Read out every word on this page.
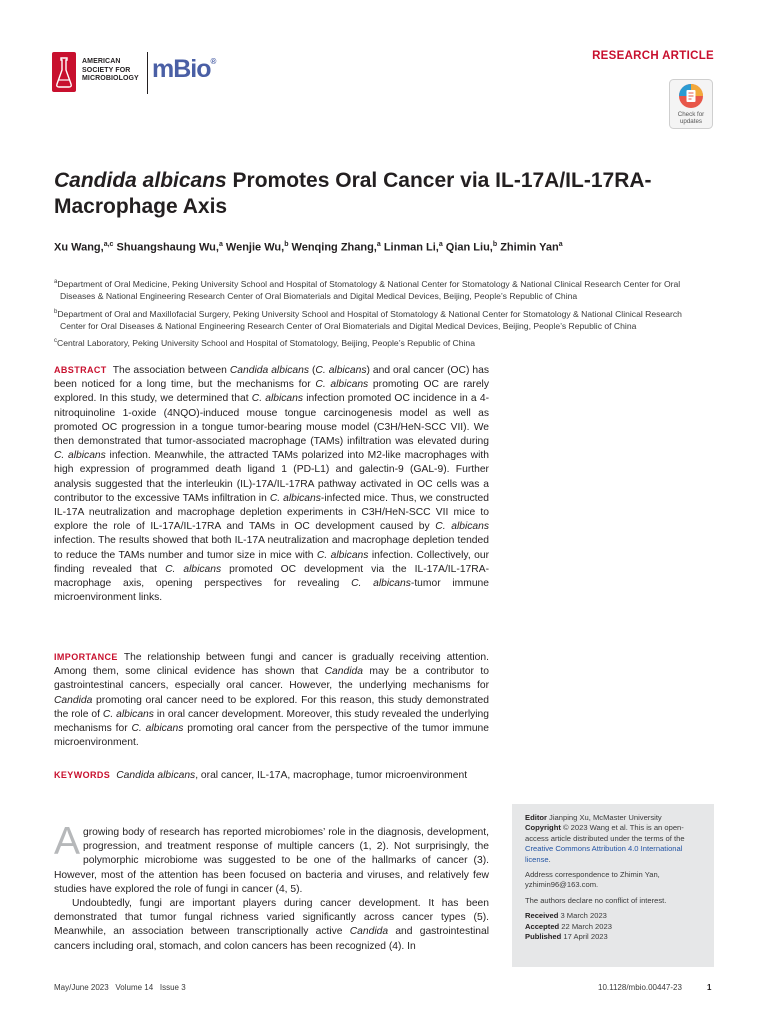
AMERICAN
SOCIETY FOR
MICROBIOLOGY mBio®	RESEARCH ARTICLE
Check for
updates
Candida albicans Promotes Oral Cancer via IL-17A/IL-17RA-Macrophage Axis
Xu Wang,$^{a,c}$ Shuangshaung Wu,$^a$ Wenjie Wu,$^b$ Wenqing Zhang,$^a$ Linman Li,$^a$ Qian Liu,$^b$ Zhimin Yan$^a$
$^a$Department of Oral Medicine, Peking University School and Hospital of Stomatology & National Center for Stomatology & National Clinical Research Center for Oral
Diseases & National Engineering Research Center of Oral Biomaterials and Digital Medical Devices, Beijing, People’s Republic of China
$^b$Department of Oral and Maxillofacial Surgery, Peking University School and Hospital of Stomatology & National Center for Stomatology & National Clinical Research
Center for Oral Diseases & National Engineering Research Center of Oral Biomaterials and Digital Medical Devices, Beijing, People’s Republic of China
$^c$Central Laboratory, Peking University School and Hospital of Stomatology, Beijing, People’s Republic of China
ABSTRACT The association between Candida albicans (C. albicans) and oral cancer (OC) has been noticed for a long time, but the mechanisms for C. albicans promoting OC are rarely explored. In this study, we determined that C. albicans infection promoted OC incidence in a 4-nitroquinoline 1-oxide (4NQO)-induced mouse tongue carcinogenesis model as well as promoted OC progression in a tongue tumor-bearing mouse model (C3H/HeN-SCC VII). We then demonstrated that tumor-associated macrophage (TAMs) infiltration was elevated during C. albicans infection. Meanwhile, the attracted TAMs polarized into M2-like macrophages with high expression of programmed death ligand 1 (PD-L1) and galectin-9 (GAL-9). Further analysis suggested that the interleukin (IL)-17A/IL-17RA pathway activated in OC cells was a contributor to the excessive TAMs infiltration in C. albicans-infected mice. Thus, we constructed IL-17A neutralization and macrophage depletion experiments in C3H/HeN-SCC VII mice to explore the role of IL-17A/IL-17RA and TAMs in OC development caused by C. albicans infection. The results showed that both IL-17A neutralization and macrophage depletion tended to reduce the TAMs number and tumor size in mice with C. albicans infection. Collectively, our finding revealed that C. albicans promoted OC development via the IL-17A/IL-17RA-macrophage axis, opening perspectives for revealing C. albicans-tumor immune microenvironment links.
IMPORTANCE The relationship between fungi and cancer is gradually receiving attention. Among them, some clinical evidence has shown that Candida may be a contributor to gastrointestinal cancers, especially oral cancer. However, the underlying mechanisms for Candida promoting oral cancer need to be explored. For this reason, this study demonstrated the role of C. albicans in oral cancer development. Moreover, this study revealed the underlying mechanisms for C. albicans promoting oral cancer from the perspective of the tumor immune microenvironment.
KEYWORDS Candida albicans, oral cancer, IL-17A, macrophage, tumor microenvironment

A growing body of research has reported microbiomes’ role in the diagnosis, development, progression, and treatment response of multiple cancers (1, 2). Not surprisingly, the polymorphic microbiome was suggested to be one of the hallmarks of cancer (3). However, most of the attention has been focused on bacteria and viruses, and relatively few studies have explored the role of fungi in cancer (4, 5).

Undoubtedly, fungi are important players during cancer development. It has been demonstrated that tumor fungal richness varied significantly across cancer types (5). Meanwhile, an association between transcriptionally active Candida and gastrointestinal cancers including oral, stomach, and colon cancers has been recognized (4). In

Editor Jianping Xu, McMaster University
Copyright © 2023 Wang et al. This is an open-access article distributed under the terms of the Creative Commons Attribution 4.0 International license.
Address correspondence to Zhimin Yan, yzhimin96@163.com.
The authors declare no conflict of interest.
Received 3 March 2023
Accepted 22 March 2023
Published 17 April 2023
May/June 2023   Volume 14   Issue 3	10.1128/mbio.00447-23	1
